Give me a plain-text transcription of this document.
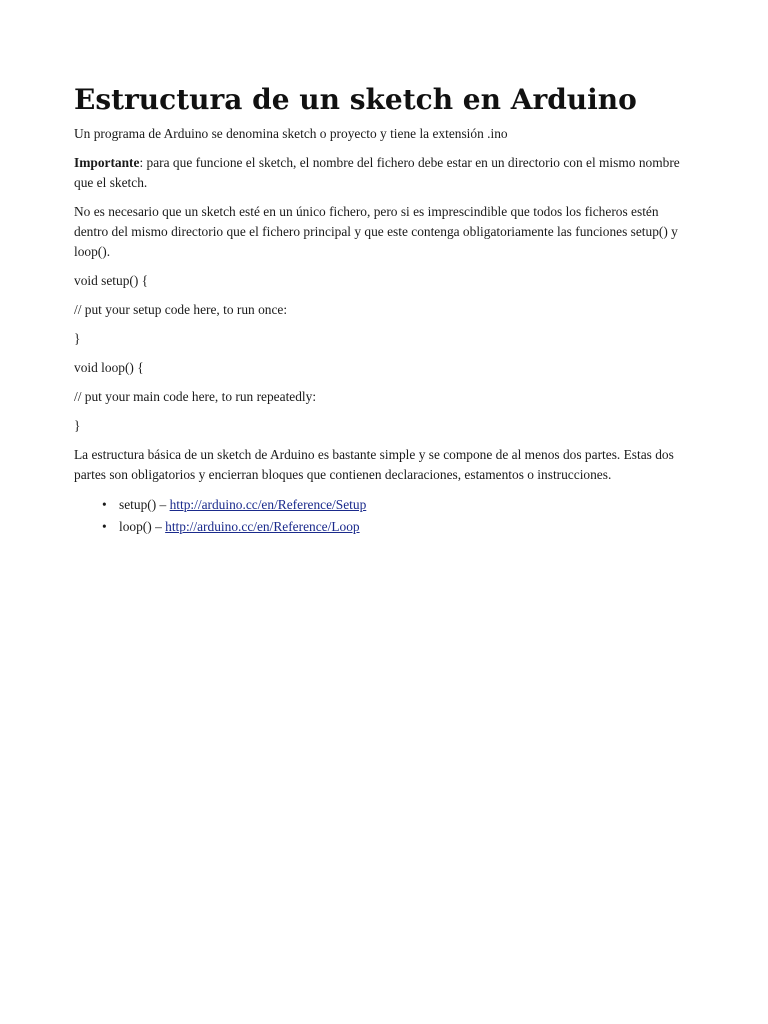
Estructura de un sketch en Arduino

Un programa de Arduino se denomina sketch o proyecto y tiene la extensión .ino

Importante: para que funcione el sketch, el nombre del fichero debe estar en un directorio con el mismo nombre que el sketch.

No es necesario que un sketch esté en un único fichero, pero si es imprescindible que todos los ficheros estén dentro del mismo directorio que el fichero principal y que este contenga obligatoriamente las funciones setup() y loop().

void setup() {

// put your setup code here, to run once:

}

void loop() {

// put your main code here, to run repeatedly:

}

La estructura básica de un sketch de Arduino es bastante simple y se compone de al menos dos partes. Estas dos partes son obligatorios y encierran bloques que contienen declaraciones, estamentos o instrucciones.

• setup() – http://arduino.cc/en/Reference/Setup
• loop() – http://arduino.cc/en/Reference/Loop
